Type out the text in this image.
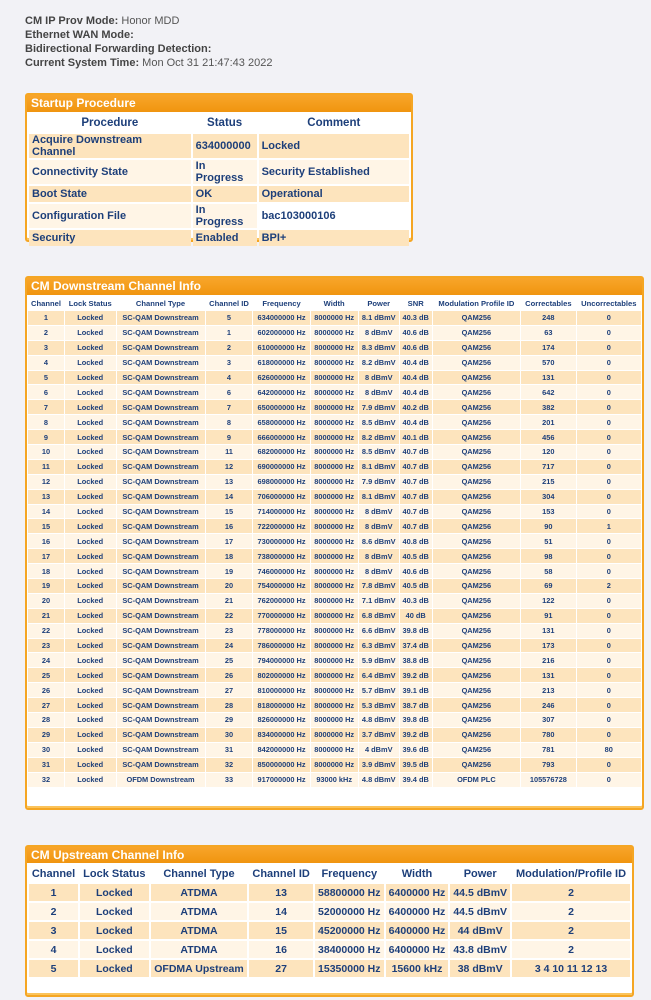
CM IP Prov Mode: Honor MDD
Ethernet WAN Mode:
Bidirectional Forwarding Detection:
Current System Time: Mon Oct 31 21:47:43 2022
Startup Procedure
Procedure	Status	Comment
Acquire Downstream Channel	634000000	Locked
Connectivity State	In Progress	Security Established
Boot State	OK	Operational
Configuration File	In Progress	bac103000106
Security	Enabled	BPI+
CM Downstream Channel Info
Channel	Lock Status	Channel Type	Channel ID	Frequency	Width	Power	SNR	Modulation Profile ID	Correctables	Uncorrectables
1	Locked	SC-QAM Downstream	5	634000000 Hz	8000000 Hz	8.1 dBmV	40.3 dB	QAM256	248	0
2	Locked	SC-QAM Downstream	1	602000000 Hz	8000000 Hz	8 dBmV	40.6 dB	QAM256	63	0
3	Locked	SC-QAM Downstream	2	610000000 Hz	8000000 Hz	8.3 dBmV	40.6 dB	QAM256	174	0
4	Locked	SC-QAM Downstream	3	618000000 Hz	8000000 Hz	8.2 dBmV	40.4 dB	QAM256	570	0
5	Locked	SC-QAM Downstream	4	626000000 Hz	8000000 Hz	8 dBmV	40.4 dB	QAM256	131	0
6	Locked	SC-QAM Downstream	6	642000000 Hz	8000000 Hz	8 dBmV	40.4 dB	QAM256	642	0
7	Locked	SC-QAM Downstream	7	650000000 Hz	8000000 Hz	7.9 dBmV	40.2 dB	QAM256	382	0
8	Locked	SC-QAM Downstream	8	658000000 Hz	8000000 Hz	8.5 dBmV	40.4 dB	QAM256	201	0
9	Locked	SC-QAM Downstream	9	666000000 Hz	8000000 Hz	8.2 dBmV	40.1 dB	QAM256	456	0
10	Locked	SC-QAM Downstream	11	682000000 Hz	8000000 Hz	8.5 dBmV	40.7 dB	QAM256	120	0
11	Locked	SC-QAM Downstream	12	690000000 Hz	8000000 Hz	8.1 dBmV	40.7 dB	QAM256	717	0
12	Locked	SC-QAM Downstream	13	698000000 Hz	8000000 Hz	7.9 dBmV	40.7 dB	QAM256	215	0
13	Locked	SC-QAM Downstream	14	706000000 Hz	8000000 Hz	8.1 dBmV	40.7 dB	QAM256	304	0
14	Locked	SC-QAM Downstream	15	714000000 Hz	8000000 Hz	8 dBmV	40.7 dB	QAM256	153	0
15	Locked	SC-QAM Downstream	16	722000000 Hz	8000000 Hz	8 dBmV	40.7 dB	QAM256	90	1
16	Locked	SC-QAM Downstream	17	730000000 Hz	8000000 Hz	8.6 dBmV	40.8 dB	QAM256	51	0
17	Locked	SC-QAM Downstream	18	738000000 Hz	8000000 Hz	8 dBmV	40.5 dB	QAM256	98	0
18	Locked	SC-QAM Downstream	19	746000000 Hz	8000000 Hz	8 dBmV	40.6 dB	QAM256	58	0
19	Locked	SC-QAM Downstream	20	754000000 Hz	8000000 Hz	7.8 dBmV	40.5 dB	QAM256	69	2
20	Locked	SC-QAM Downstream	21	762000000 Hz	8000000 Hz	7.1 dBmV	40.3 dB	QAM256	122	0
21	Locked	SC-QAM Downstream	22	770000000 Hz	8000000 Hz	6.8 dBmV	40 dB	QAM256	91	0
22	Locked	SC-QAM Downstream	23	778000000 Hz	8000000 Hz	6.6 dBmV	39.8 dB	QAM256	131	0
23	Locked	SC-QAM Downstream	24	786000000 Hz	8000000 Hz	6.3 dBmV	37.4 dB	QAM256	173	0
24	Locked	SC-QAM Downstream	25	794000000 Hz	8000000 Hz	5.9 dBmV	38.8 dB	QAM256	216	0
25	Locked	SC-QAM Downstream	26	802000000 Hz	8000000 Hz	6.4 dBmV	39.2 dB	QAM256	131	0
26	Locked	SC-QAM Downstream	27	810000000 Hz	8000000 Hz	5.7 dBmV	39.1 dB	QAM256	213	0
27	Locked	SC-QAM Downstream	28	818000000 Hz	8000000 Hz	5.3 dBmV	38.7 dB	QAM256	246	0
28	Locked	SC-QAM Downstream	29	826000000 Hz	8000000 Hz	4.8 dBmV	39.8 dB	QAM256	307	0
29	Locked	SC-QAM Downstream	30	834000000 Hz	8000000 Hz	3.7 dBmV	39.2 dB	QAM256	780	0
30	Locked	SC-QAM Downstream	31	842000000 Hz	8000000 Hz	4 dBmV	39.6 dB	QAM256	781	80
31	Locked	SC-QAM Downstream	32	850000000 Hz	8000000 Hz	3.9 dBmV	39.5 dB	QAM256	793	0
32	Locked	OFDM Downstream	33	917000000 Hz	93000 kHz	4.8 dBmV	39.4 dB	OFDM PLC	105576728	0
CM Upstream Channel Info
Channel	Lock Status	Channel Type	Channel ID	Frequency	Width	Power	Modulation/Profile ID
1	Locked	ATDMA	13	58800000 Hz	6400000 Hz	44.5 dBmV	2
2	Locked	ATDMA	14	52000000 Hz	6400000 Hz	44.5 dBmV	2
3	Locked	ATDMA	15	45200000 Hz	6400000 Hz	44 dBmV	2
4	Locked	ATDMA	16	38400000 Hz	6400000 Hz	43.8 dBmV	2
5	Locked	OFDMA Upstream	27	15350000 Hz	15600 kHz	38 dBmV	3 4 10 11 12 13
